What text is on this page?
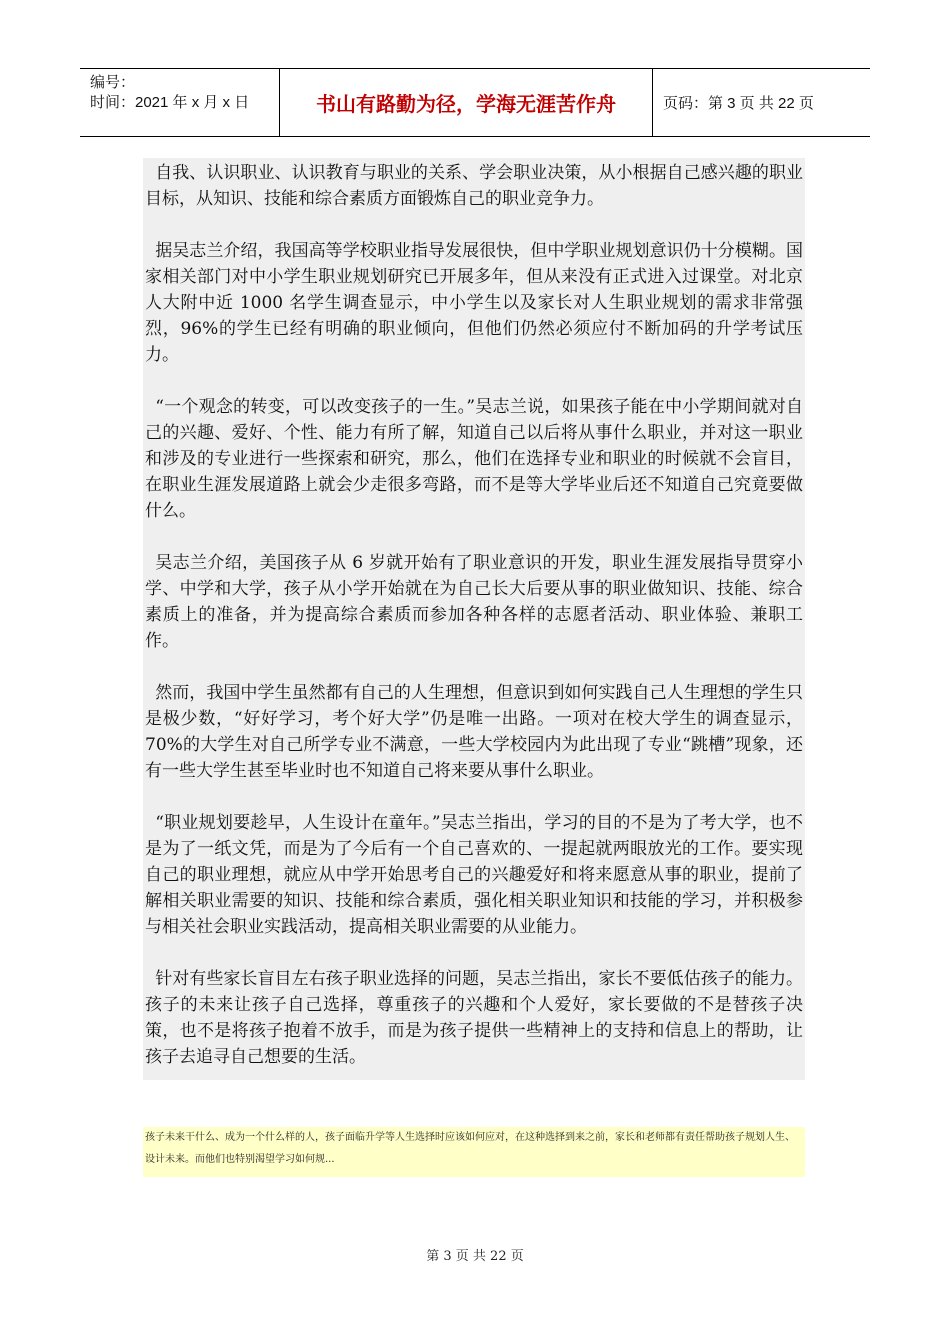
编号：
时间：2021 年 x 月 x 日	书山有路勤为径，学海无涯苦作舟	页码：第 3 页 共 22 页

自我、认识职业、认识教育与职业的关系、学会职业决策，从小根据自己感兴趣的职业目标，从知识、技能和综合素质方面锻炼自己的职业竞争力。

据吴志兰介绍，我国高等学校职业指导发展很快，但中学职业规划意识仍十分模糊。国家相关部门对中小学生职业规划研究已开展多年，但从来没有正式进入过课堂。对北京人大附中近 1000 名学生调查显示，中小学生以及家长对人生职业规划的需求非常强烈，96%的学生已经有明确的职业倾向，但他们仍然必须应付不断加码的升学考试压力。

“一个观念的转变，可以改变孩子的一生。”吴志兰说，如果孩子能在中小学期间就对自己的兴趣、爱好、个性、能力有所了解，知道自己以后将从事什么职业，并对这一职业和涉及的专业进行一些探索和研究，那么，他们在选择专业和职业的时候就不会盲目，在职业生涯发展道路上就会少走很多弯路，而不是等大学毕业后还不知道自己究竟要做什么。

吴志兰介绍，美国孩子从 6 岁就开始有了职业意识的开发，职业生涯发展指导贯穿小学、中学和大学，孩子从小学开始就在为自己长大后要从事的职业做知识、技能、综合素质上的准备，并为提高综合素质而参加各种各样的志愿者活动、职业体验、兼职工作。

然而，我国中学生虽然都有自己的人生理想，但意识到如何实践自己人生理想的学生只是极少数，“好好学习，考个好大学”仍是唯一出路。一项对在校大学生的调查显示，70%的大学生对自己所学专业不满意，一些大学校园内为此出现了专业“跳槽”现象，还有一些大学生甚至毕业时也不知道自己将来要从事什么职业。

“职业规划要趁早，人生设计在童年。”吴志兰指出，学习的目的不是为了考大学，也不是为了一纸文凭，而是为了今后有一个自己喜欢的、一提起就两眼放光的工作。要实现自己的职业理想，就应从中学开始思考自己的兴趣爱好和将来愿意从事的职业，提前了解相关职业需要的知识、技能和综合素质，强化相关职业知识和技能的学习，并积极参与相关社会职业实践活动，提高相关职业需要的从业能力。

针对有些家长盲目左右孩子职业选择的问题，吴志兰指出，家长不要低估孩子的能力。孩子的未来让孩子自己选择，尊重孩子的兴趣和个人爱好，家长要做的不是替孩子决策，也不是将孩子抱着不放手，而是为孩子提供一些精神上的支持和信息上的帮助，让孩子去追寻自己想要的生活。

孩子未来干什么、成为一个什么样的人，孩子面临升学等人生选择时应该如何应对，在这种选择到来之前，家长和老师都有责任帮助孩子规划人生、设计未来。而他们也特别渴望学习如何规...
第 3 页 共 22 页
